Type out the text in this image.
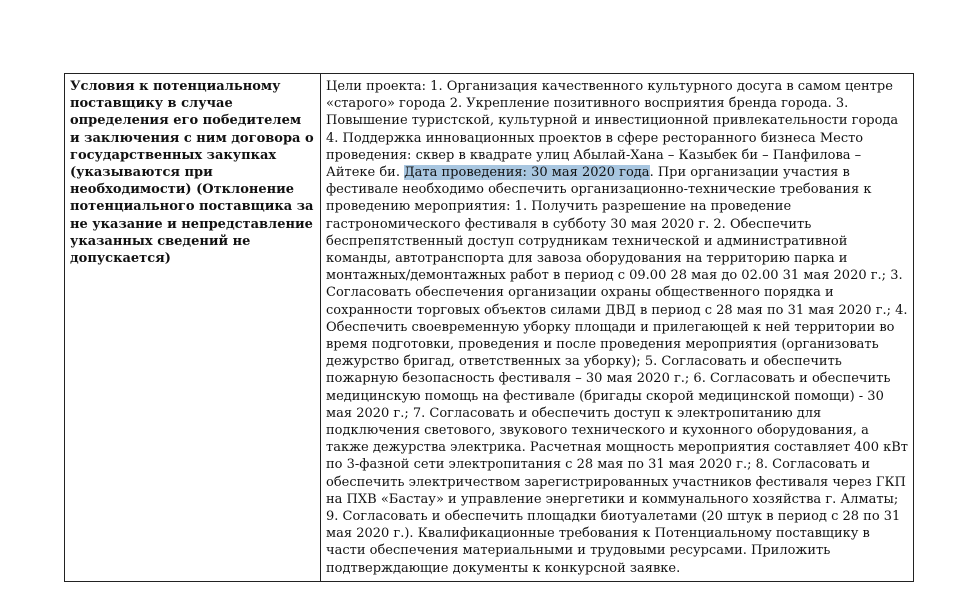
Условия к потенциальному поставщику в случае определения его победителем и заключения с ним договора о государственных закупках (указываются при необходимости) (Отклонение потенциального поставщика за не указание и непредставление указанных сведений не допускается)	Цели проекта: 1. Организация качественного культурного досуга в самом центре «старого» города 2. Укрепление позитивного восприятия бренда города. 3. Повышение туристской, культурной и инвестиционной привлекательности города 4. Поддержка инновационных проектов в сфере ресторанного бизнеса Место проведения: сквер в квадрате улиц Абылай-Хана – Казыбек би – Панфилова – Айтеке би. Дата проведения: 30 мая 2020 года. При организации участия в фестивале необходимо обеспечить организационно-технические требования к проведению мероприятия: 1. Получить разрешение на проведение гастрономического фестиваля в субботу 30 мая 2020 г. 2. Обеспечить беспрепятственный доступ сотрудникам технической и административной команды, автотранспорта для завоза оборудования на территорию парка и монтажных/демонтажных работ в период с 09.00 28 мая до 02.00 31 мая 2020 г.; 3. Согласовать обеспечения организации охраны общественного порядка и сохранности торговых объектов силами ДВД в период с 28 мая по 31 мая 2020 г.; 4. Обеспечить своевременную уборку площади и прилегающей к ней территории во время подготовки, проведения и после проведения мероприятия (организовать дежурство бригад, ответственных за уборку); 5. Согласовать и обеспечить пожарную безопасность фестиваля – 30 мая 2020 г.; 6. Согласовать и обеспечить медицинскую помощь на фестивале (бригады скорой медицинской помощи) - 30 мая 2020 г.; 7. Согласовать и обеспечить доступ к электропитанию для подключения светового, звукового технического и кухонного оборудования, а также дежурства электрика. Расчетная мощность мероприятия составляет 400 кВт по 3-фазной сети электропитания с 28 мая по 31 мая 2020 г.; 8. Согласовать и обеспечить электричеством зарегистрированных участников фестиваля через ГКП на ПХВ «Бастау» и управление энергетики и коммунального хозяйства г. Алматы; 9. Согласовать и обеспечить площадки биотуалетами (20 штук в период с 28 по 31 мая 2020 г.). Квалификационные требования к Потенциальному поставщику в части обеспечения материальными и трудовыми ресурсами. Приложить подтверждающие документы к конкурсной заявке.
